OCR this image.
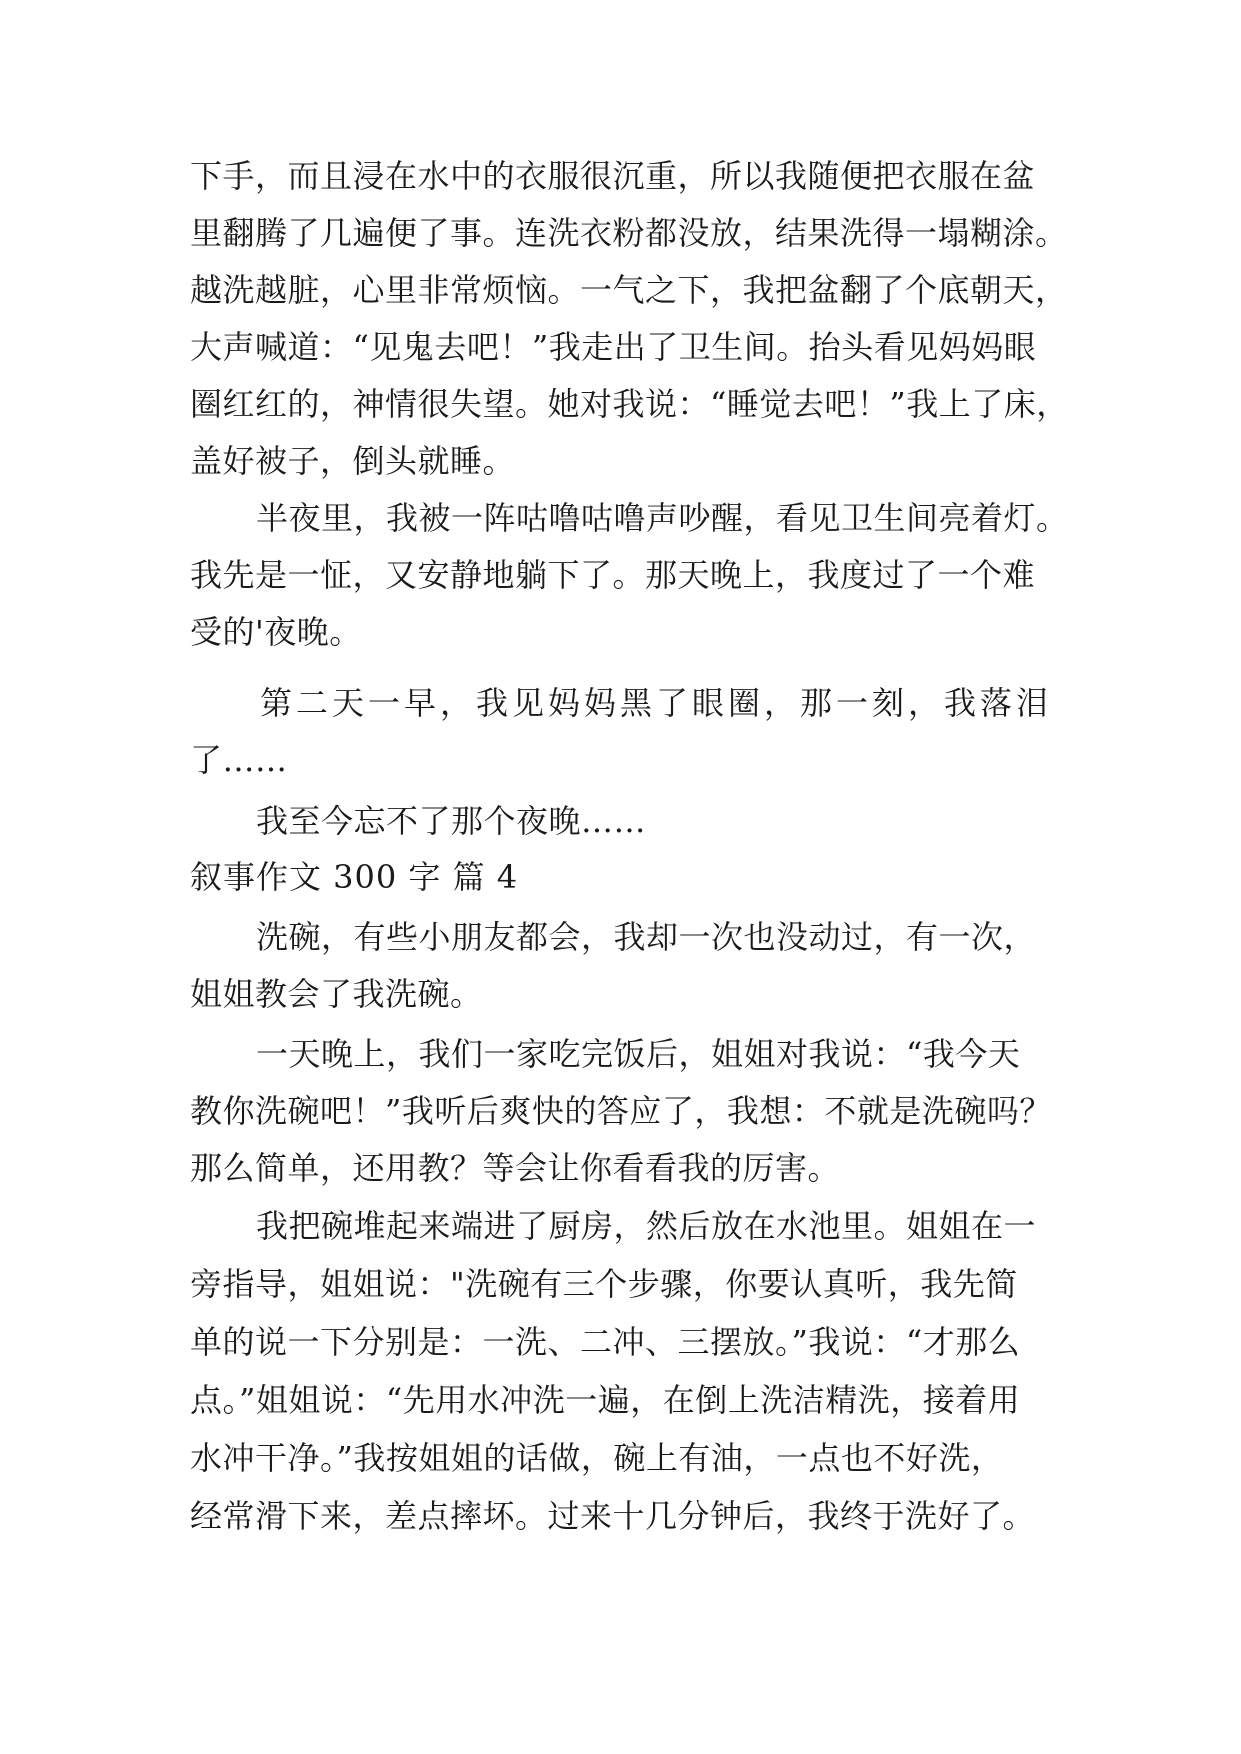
下手，而且浸在水中的衣服很沉重，所以我随便把衣服在盆
里翻腾了几遍便了事。连洗衣粉都没放，结果洗得一塌糊涂。
越洗越脏，心里非常烦恼。一气之下，我把盆翻了个底朝天，
大声喊道：“见鬼去吧！”我走出了卫生间。抬头看见妈妈眼
圈红红的，神情很失望。她对我说：“睡觉去吧！”我上了床，
盖好被子，倒头就睡。
半夜里，我被一阵咕噜咕噜声吵醒，看见卫生间亮着灯。
我先是一怔，又安静地躺下了。那天晚上，我度过了一个难
受的'夜晚。
第二天一早，我见妈妈黑了眼圈，那一刻，我落泪
了……
我至今忘不了那个夜晚……
叙事作文 300 字 篇 4
洗碗，有些小朋友都会，我却一次也没动过，有一次，
姐姐教会了我洗碗。
一天晚上，我们一家吃完饭后，姐姐对我说：“我今天
教你洗碗吧！”我听后爽快的答应了，我想：不就是洗碗吗？
那么简单，还用教？等会让你看看我的厉害。
我把碗堆起来端进了厨房，然后放在水池里。姐姐在一
旁指导，姐姐说："洗碗有三个步骤，你要认真听，我先简
单的说一下分别是：一洗、二冲、三摆放。”我说：“才那么
点。”姐姐说：“先用水冲洗一遍，在倒上洗洁精洗，接着用
水冲干净。”我按姐姐的话做，碗上有油，一点也不好洗，
经常滑下来，差点摔坏。过来十几分钟后，我终于洗好了。
